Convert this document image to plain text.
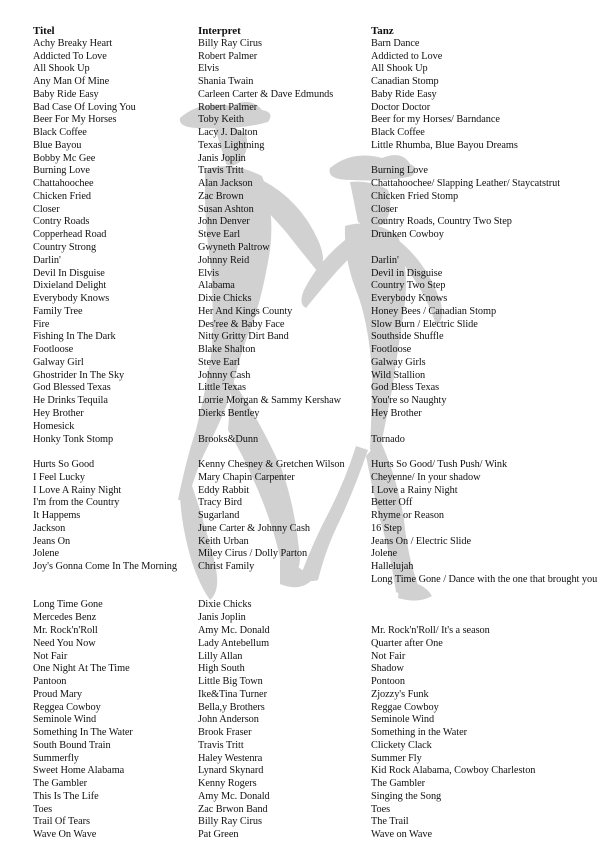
Titel
Achy Breaky Heart
Addicted To Love
All Shook Up
Any Man Of Mine
Baby Ride Easy
Bad Case Of Loving You
Beer For My Horses
Black Coffee
Blue Bayou
Bobby Mc Gee
Burning Love
Chattahoochee
Chicken Fried
Closer
Contry Roads
Copperhead Road
Country Strong
Darlin'
Devil In Disguise
Dixieland Delight
Everybody Knows
Family Tree
Fire
Fishing In The Dark
Footloose
Galway Girl
Ghostrider In The Sky
God Blessed Texas
He Drinks Tequila
Hey Brother
Homesick
Honky Tonk Stomp
Hurts So Good
I Feel Lucky
I Love A Rainy Night
I'm from the Country
It Happems
Jackson
Jeans On
Jolene
Joy's Gonna Come In The Morning
Long Time Gone
Mercedes Benz
Mr. Rock'n'Roll
Need You Now
Not Fair
One Night At The Time
Pantoon
Proud Mary
Reggea Cowboy
Seminole Wind
Something In The Water
South Bound Train
Summerfly
Sweet Home Alabama
The Gambler
This Is The Life
Toes
Trail Of Tears
Wave On Wave
Interpret
Billy Ray Cirus
Robert Palmer
Elvis
Shania Twain
Carleen Carter & Dave Edmunds
Robert Palmer
Toby Keith
Lacy J. Dalton
Texas Lightning
Janis Joplin
Travis Tritt
Alan Jackson
Zac Brown
Susan Ashton
John Denver
Steve Earl
Gwyneth Paltrow
Johnny Reid
Elvis
Alabama
Dixie Chicks
Her And Kings County
Des'ree & Baby Face
Nitty Gritty Dirt Band
Blake Shalton
Steve Earl
Johnny Cash
Little Texas
Lorrie Morgan & Sammy Kershaw
Dierks Bentley
Brooks&Dunn
Kenny Chesney & Gretchen Wilson
Mary Chapin Carpenter
Eddy Rabbit
Tracy Bird
Sugarland
June Carter & Johnny Cash
Keith Urban
Miley Cirus / Dolly Parton
Christ Family
Dixie Chicks
Janis Joplin
Amy Mc. Donald
Lady Antebellum
Lilly Allan
High South
Little Big Town
Ike&Tina Turner
Bella,y Brothers
John Anderson
Brook Fraser
Travis Tritt
Haley Westenra
Lynard Skynard
Kenny Rogers
Amy Mc. Donald
Zac Brwon Band
Billy Ray Cirus
Pat Green
Tanz
Barn Dance
Addicted to Love
All Shook Up
Canadian Stomp
Baby Ride Easy
Doctor Doctor
Beer for my Horses/ Barndance
Black Coffee
Little Rhumba, Blue Bayou Dreams
Burning Love
Chattahoochee/ Slapping Leather/ Staycatstrut
Chicken Fried Stomp
Closer
Country Roads, Country Two Step
Drunken Cowboy
Darlin'
Devil in Disguise
Country Two Step
Everybody Knows
Honey Bees / Canadian Stomp
Slow Burn / Electric Slide
Southside Shuffle
Footloose
Galway Girls
Wild Stallion
God Bless Texas
You're so Naughty
Hey Brother
Tornado
Hurts So Good/ Tush Push/ Wink
Cheyenne/ In your shadow
I Love a Rainy Night
Better Off
Rhyme or Reason
16 Step
Jeans On / Electric Slide
Jolene
Hallelujah
Long Time Gone / Dance with the one that brought you
Mr. Rock'n'Roll/ It's a season
Quarter after One
Not Fair
Shadow
Pontoon
Zjozzy's Funk
Reggae Cowboy
Seminole Wind
Something in the Water
Clickety Clack
Summer Fly
Kid Rock Alabama, Cowboy Charleston
The Gambler
Singing the Song
Toes
The Trail
Wave on Wave
